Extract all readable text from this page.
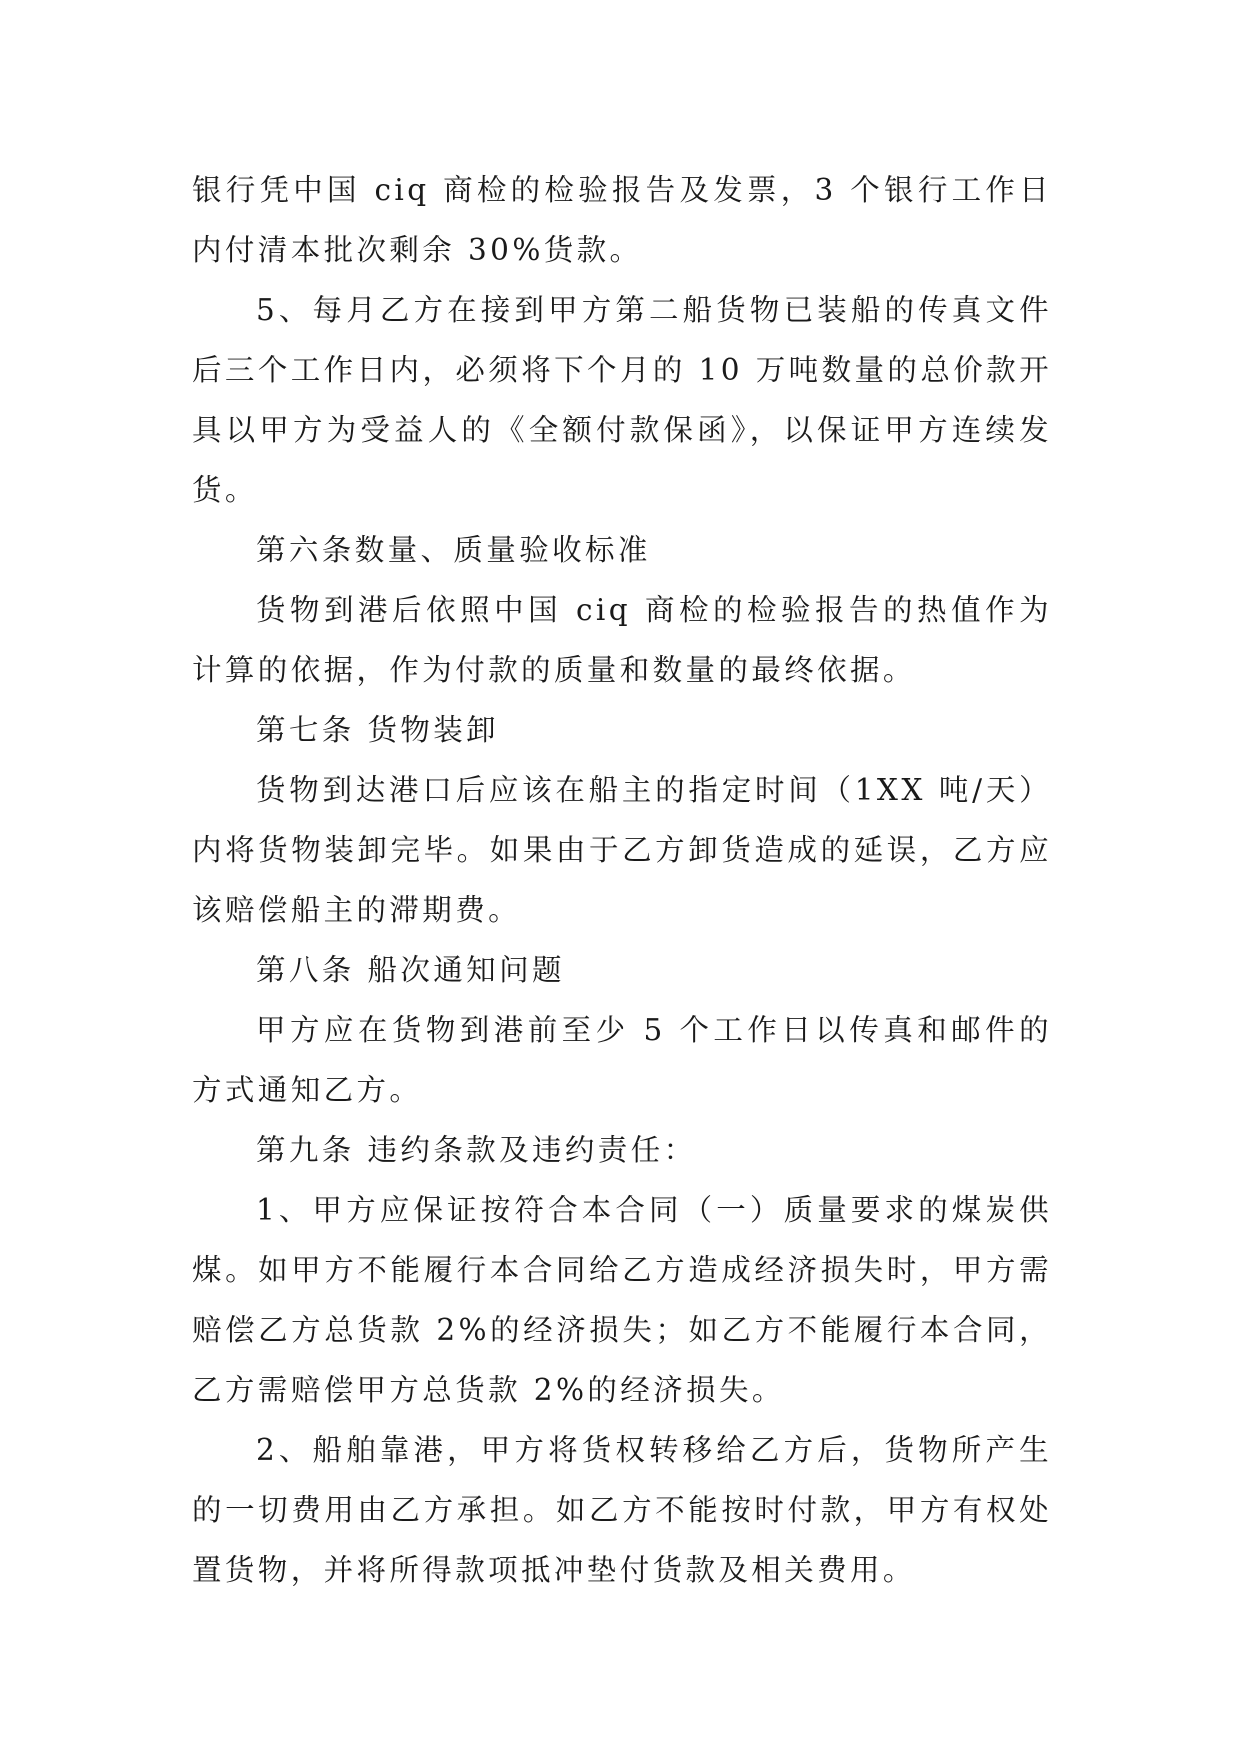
银行凭中国 ciq 商检的检验报告及发票，3 个银行工作日内付清本批次剩余 30%货款。

5、每月乙方在接到甲方第二船货物已装船的传真文件后三个工作日内，必须将下个月的 10 万吨数量的总价款开具以甲方为受益人的《全额付款保函》，以保证甲方连续发货。

第六条数量、质量验收标准

货物到港后依照中国 ciq 商检的检验报告的热值作为计算的依据，作为付款的质量和数量的最终依据。

第七条 货物装卸

货物到达港口后应该在船主的指定时间（1XX 吨/天）内将货物装卸完毕。如果由于乙方卸货造成的延误，乙方应该赔偿船主的滞期费。

第八条 船次通知问题

甲方应在货物到港前至少 5 个工作日以传真和邮件的方式通知乙方。

第九条 违约条款及违约责任：

1、甲方应保证按符合本合同（一）质量要求的煤炭供煤。如甲方不能履行本合同给乙方造成经济损失时，甲方需赔偿乙方总货款 2%的经济损失；如乙方不能履行本合同，乙方需赔偿甲方总货款 2%的经济损失。

2、船舶靠港，甲方将货权转移给乙方后，货物所产生的一切费用由乙方承担。如乙方不能按时付款，甲方有权处置货物，并将所得款项抵冲垫付货款及相关费用。
